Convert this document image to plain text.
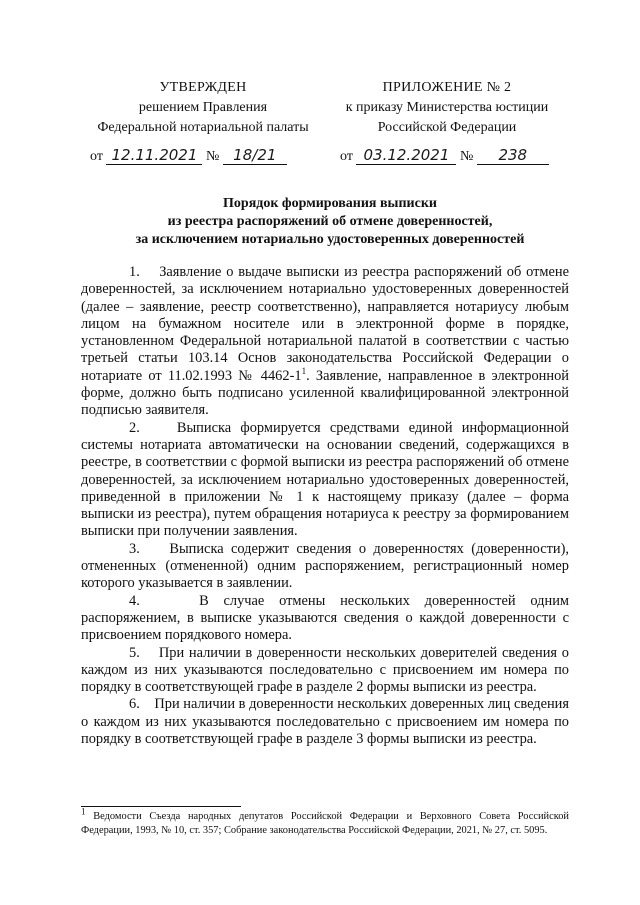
УТВЕРЖДЕН
решением Правления
Федеральной нотариальной палаты
ПРИЛОЖЕНИЕ № 2
к приказу Министерства юстиции
Российской Федерации
от 12.11.2021 № 18/21	от 03.12.2021 № 238
Порядок формирования выписки
из реестра распоряжений об отмене доверенностей,
за исключением нотариально удостоверенных доверенностей

1.    Заявление о выдаче выписки из реестра распоряжений об отмене доверенностей, за исключением нотариально удостоверенных доверенностей (далее – заявление, реестр соответственно), направляется нотариусу любым лицом на бумажном носителе или в электронной форме в порядке, установленном Федеральной нотариальной палатой в соответствии с частью третьей статьи 103.14 Основ законодательства Российской Федерации о нотариате от 11.02.1993 № $4462-1^1$. Заявление, направленное в электронной форме, должно быть подписано усиленной квалифицированной электронной подписью заявителя.

2.    Выписка формируется средствами единой информационной системы нотариата автоматически на основании сведений, содержащихся в реестре, в соответствии с формой выписки из реестра распоряжений об отмене доверенностей, за исключением нотариально удостоверенных доверенностей, приведенной в приложении № 1 к настоящему приказу (далее – форма выписки из реестра), путем обращения нотариуса к реестру за формированием выписки при получении заявления.

3.    Выписка содержит сведения о доверенностях (доверенности), отмененных (отмененной) одним распоряжением, регистрационный номер которого указывается в заявлении.

4.    В случае отмены нескольких доверенностей одним распоряжением, в выписке указываются сведения о каждой доверенности с присвоением порядкового номера.

5.    При наличии в доверенности нескольких доверителей сведения о каждом из них указываются последовательно с присвоением им номера по порядку в соответствующей графе в разделе 2 формы выписки из реестра.

6.    При наличии в доверенности нескольких доверенных лиц сведения о каждом из них указываются последовательно с присвоением им номера по порядку в соответствующей графе в разделе 3 формы выписки из реестра.

$^1$ Ведомости Съезда народных депутатов Российской Федерации и Верховного Совета Российской Федерации, 1993, № 10, ст. 357; Собрание законодательства Российской Федерации, 2021, № 27, ст. 5095.
